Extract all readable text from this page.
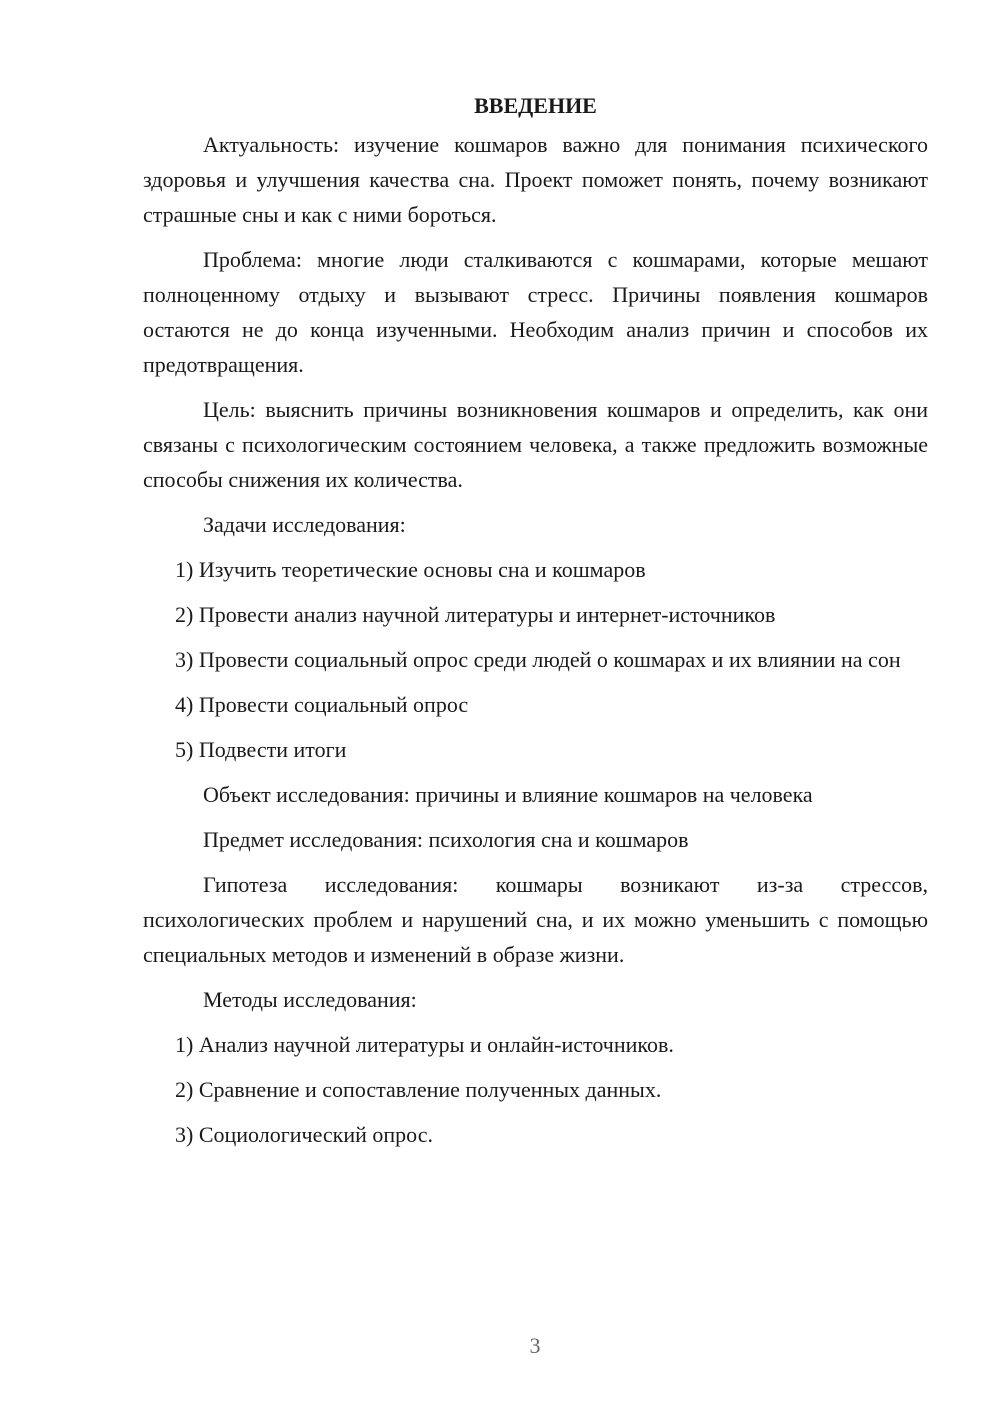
ВВЕДЕНИЕ
Актуальность: изучение кошмаров важно для понимания психического здоровья и улучшения качества сна. Проект поможет понять, почему возникают страшные сны и как с ними бороться.
Проблема: многие люди сталкиваются с кошмарами, которые мешают полноценному отдыху и вызывают стресс. Причины появления кошмаров остаются не до конца изученными. Необходим анализ причин и способов их предотвращения.
Цель: выяснить причины возникновения кошмаров и определить, как они связаны с психологическим состоянием человека, а также предложить возможные способы снижения их количества.
Задачи исследования:
1) Изучить теоретические основы сна и кошмаров
2) Провести анализ научной литературы и интернет-источников
3) Провести социальный опрос среди людей о кошмарах и их влиянии на сон
4) Провести социальный опрос
5) Подвести итоги
Объект исследования: причины и влияние кошмаров на человека
Предмет исследования: психология сна и кошмаров
Гипотеза исследования: кошмары возникают из-за стрессов, психологических проблем и нарушений сна, и их можно уменьшить с помощью специальных методов и изменений в образе жизни.
Методы исследования:
1) Анализ научной литературы и онлайн-источников.
2) Сравнение и сопоставление полученных данных.
3) Социологический опрос.
3
